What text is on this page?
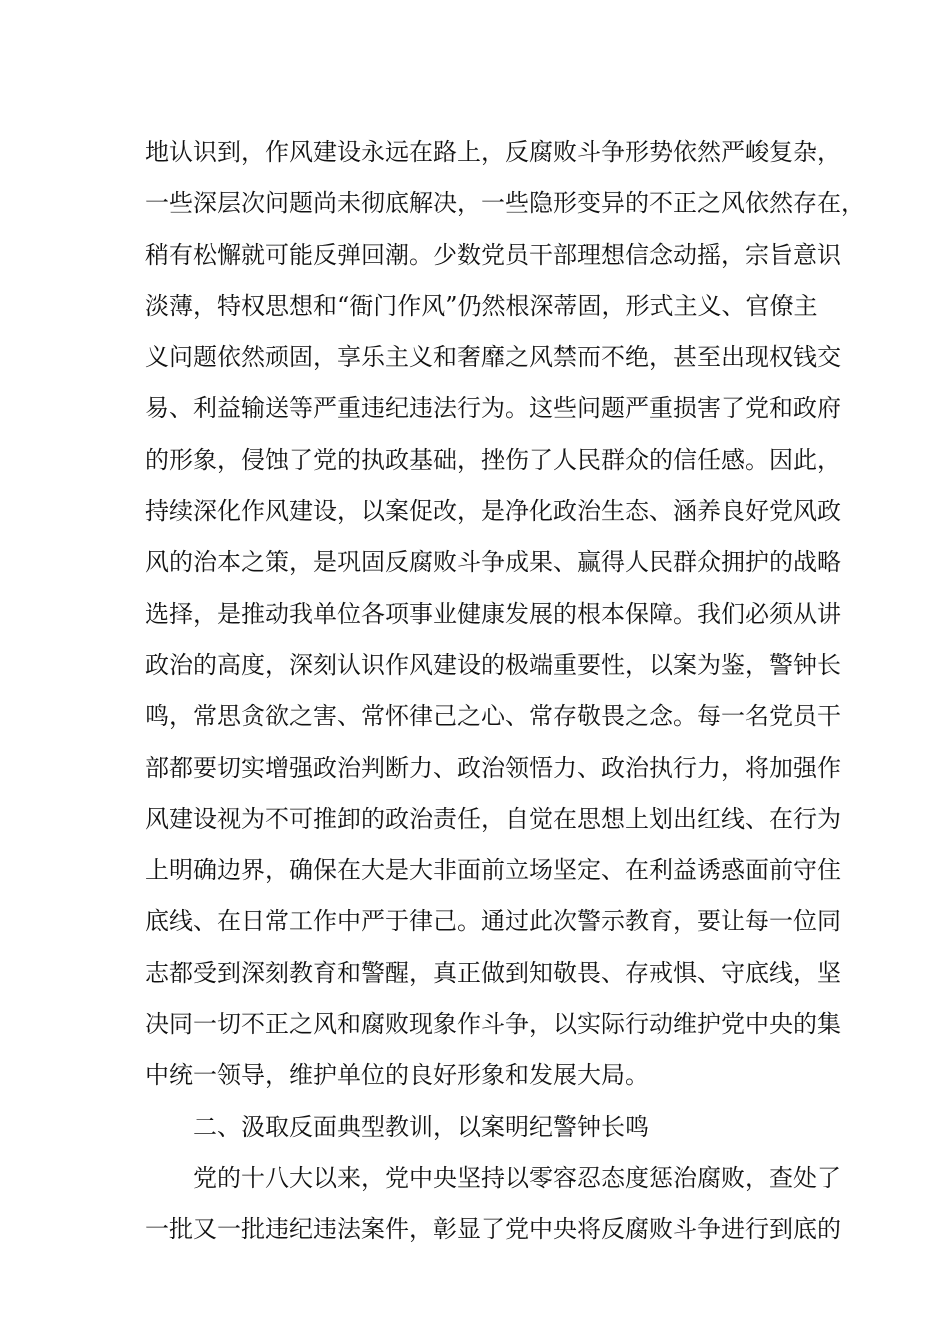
地认识到，作风建设永远在路上，反腐败斗争形势依然严峻复杂，
一些深层次问题尚未彻底解决，一些隐形变异的不正之风依然存在，
稍有松懈就可能反弹回潮。少数党员干部理想信念动摇，宗旨意识
淡薄，特权思想和“衙门作风”仍然根深蒂固，形式主义、官僚主
义问题依然顽固，享乐主义和奢靡之风禁而不绝，甚至出现权钱交
易、利益输送等严重违纪违法行为。这些问题严重损害了党和政府
的形象，侵蚀了党的执政基础，挫伤了人民群众的信任感。因此，
持续深化作风建设，以案促改，是净化政治生态、涵养良好党风政
风的治本之策，是巩固反腐败斗争成果、赢得人民群众拥护的战略
选择，是推动我单位各项事业健康发展的根本保障。我们必须从讲
政治的高度，深刻认识作风建设的极端重要性，以案为鉴，警钟长
鸣，常思贪欲之害、常怀律己之心、常存敬畏之念。每一名党员干
部都要切实增强政治判断力、政治领悟力、政治执行力，将加强作
风建设视为不可推卸的政治责任，自觉在思想上划出红线、在行为
上明确边界，确保在大是大非面前立场坚定、在利益诱惑面前守住
底线、在日常工作中严于律己。通过此次警示教育，要让每一位同
志都受到深刻教育和警醒，真正做到知敬畏、存戒惧、守底线，坚
决同一切不正之风和腐败现象作斗争，以实际行动维护党中央的集
中统一领导，维护单位的良好形象和发展大局。
二、汲取反面典型教训，以案明纪警钟长鸣
党的十八大以来，党中央坚持以零容忍态度惩治腐败，查处了
一批又一批违纪违法案件，彰显了党中央将反腐败斗争进行到底的
